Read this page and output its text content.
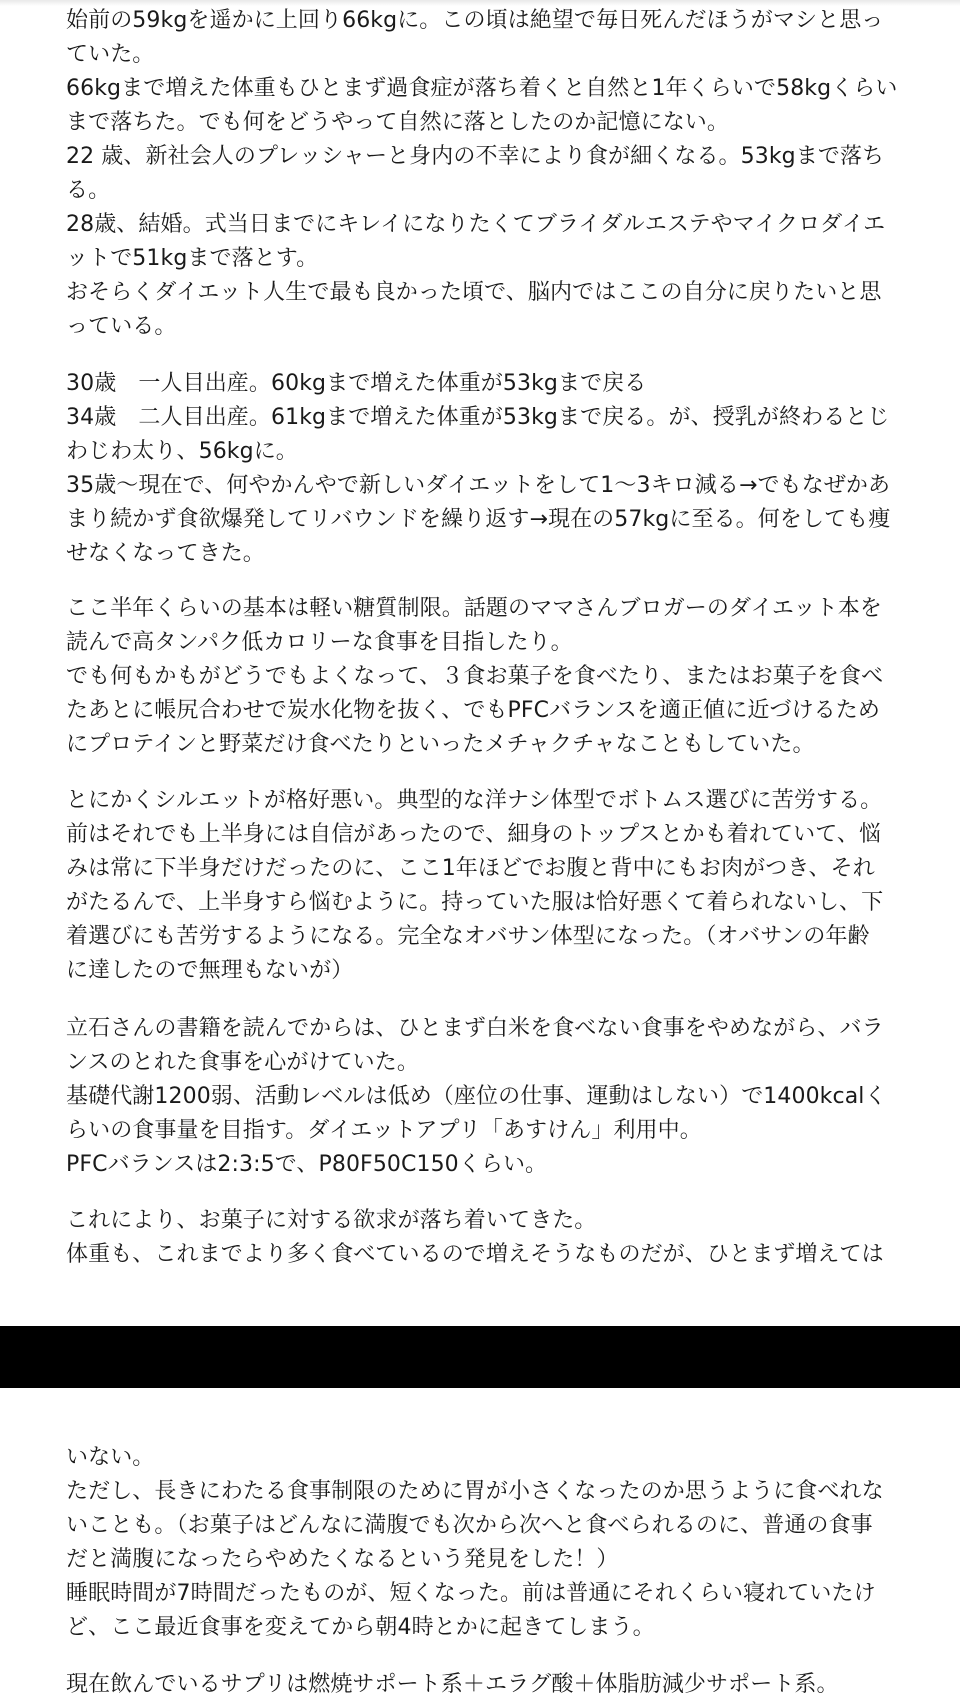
始前の59kgを遥かに上回り66kgに。この頃は絶望で毎日死んだほうがマシと思っ
ていた。
66kgまで増えた体重もひとまず過食症が落ち着くと自然と1年くらいで58kgくらい
まで落ちた。でも何をどうやって自然に落としたのか記憶にない。
22 歳、新社会人のプレッシャーと身内の不幸により食が細くなる。53kgまで落ち
る。
28歳、結婚。式当日までにキレイになりたくてブライダルエステやマイクロダイエ
ットで51kgまで落とす。
おそらくダイエット人生で最も良かった頃で、脳内ではここの自分に戻りたいと思
っている。
30歳　一人目出産。60kgまで増えた体重が53kgまで戻る
34歳　二人目出産。61kgまで増えた体重が53kgまで戻る。が、授乳が終わるとじ
わじわ太り、56kgに。
35歳～現在で、何やかんやで新しいダイエットをして1～3キロ減る→でもなぜかあ
まり続かず食欲爆発してリバウンドを繰り返す→現在の57kgに至る。何をしても痩
せなくなってきた。
ここ半年くらいの基本は軽い糖質制限。話題のママさんブロガーのダイエット本を
読んで高タンパク低カロリーな食事を目指したり。
でも何もかもがどうでもよくなって、３食お菓子を食べたり、またはお菓子を食べ
たあとに帳尻合わせで炭水化物を抜く、でもPFCバランスを適正値に近づけるため
にプロテインと野菜だけ食べたりといったメチャクチャなこともしていた。
とにかくシルエットが格好悪い。典型的な洋ナシ体型でボトムス選びに苦労する。
前はそれでも上半身には自信があったので、細身のトップスとかも着れていて、悩
みは常に下半身だけだったのに、ここ1年ほどでお腹と背中にもお肉がつき、それ
がたるんで、上半身すら悩むように。持っていた服は恰好悪くて着られないし、下
着選びにも苦労するようになる。完全なオバサン体型になった。（オバサンの年齢
に達したので無理もないが）
立石さんの書籍を読んでからは、ひとまず白米を食べない食事をやめながら、バラ
ンスのとれた食事を心がけていた。
基礎代謝1200弱、活動レベルは低め（座位の仕事、運動はしない）で1400kcalく
らいの食事量を目指す。ダイエットアプリ「あすけん」利用中。
PFCバランスは2:3:5で、P80F50C150くらい。
これにより、お菓子に対する欲求が落ち着いてきた。
体重も、これまでより多く食べているので増えそうなものだが、ひとまず増えては
いない。
ただし、長きにわたる食事制限のために胃が小さくなったのか思うように食べれな
いことも。（お菓子はどんなに満腹でも次から次へと食べられるのに、普通の食事
だと満腹になったらやめたくなるという発見をした！）
睡眠時間が7時間だったものが、短くなった。前は普通にそれくらい寝れていたけ
ど、ここ最近食事を変えてから朝4時とかに起きてしまう。
現在飲んでいるサプリは燃焼サポート系＋エラグ酸＋体脂肪減少サポート系。
